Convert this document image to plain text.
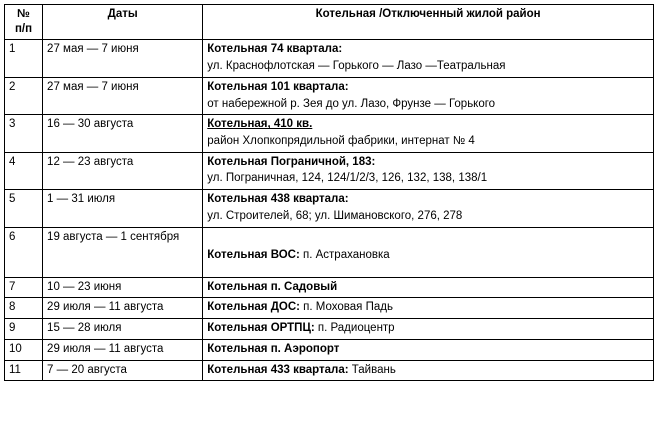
№
п/п	Даты	Котельная /Отключенный жилой район
1	27 мая — 7 июня	Котельная 74 квартала:
ул. Краснофлотская — Горького — Лазо —Театральная

2	27 мая — 7 июня	Котельная 101 квартала:
от набережной р. Зея до ул. Лазо, Фрунзе — Горького

3	16 — 30 августа	Котельная, 410 кв.
район Хлопкопрядильной фабрики, интернат № 4

4	12 — 23 августа	Котельная Пограничной, 183:
ул. Пограничная, 124, 124/1/2/3, 126, 132, 138, 138/1

5	1 — 31 июля	Котельная 438 квартала:
ул. Строителей, 68; ул. Шимановского, 276, 278

6	19 августа — 1 сентября	Котельная ВОС: п. Астрахановка
7	10 — 23 июня	Котельная п. Садовый
8	29 июля — 11 августа	Котельная ДОС: п. Моховая Падь
9	15 — 28 июля	Котельная ОРТПЦ: п. Радиоцентр
10	29 июля — 11 августа	Котельная п. Аэропорт
11	7 — 20 августа	Котельная 433 квартала: Тайвань
